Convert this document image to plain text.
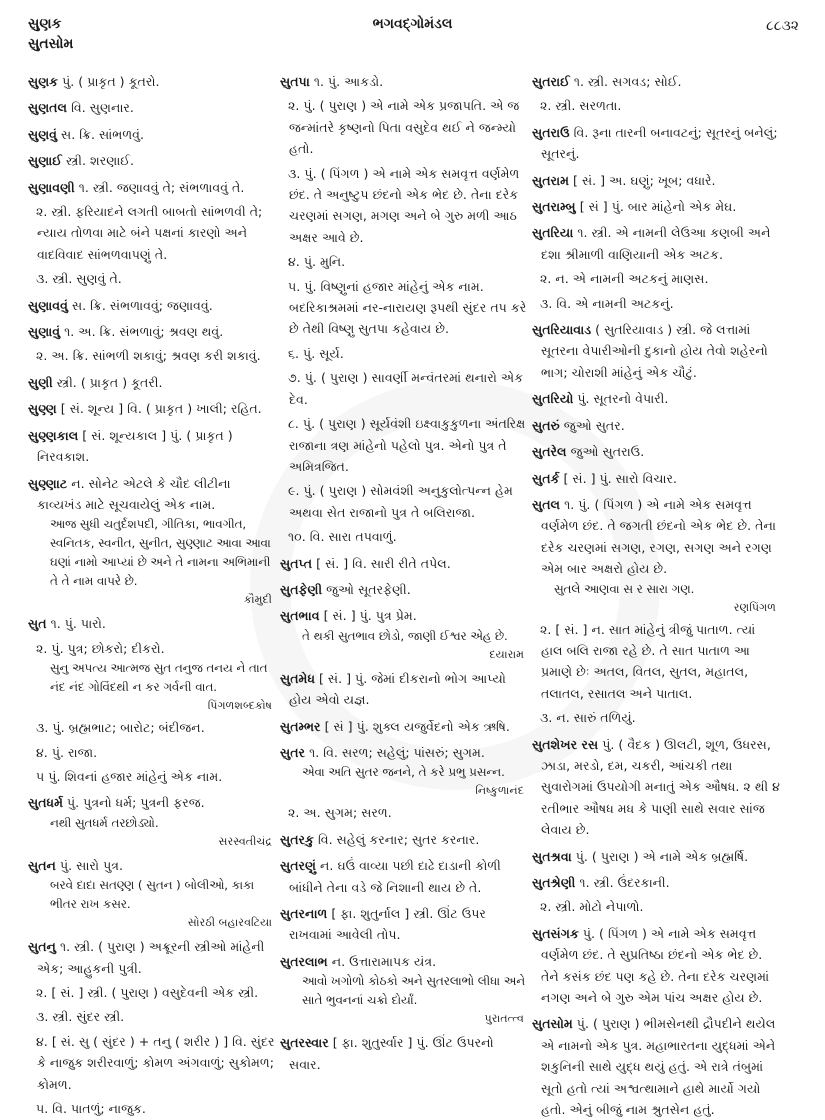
સુણક
સુતસોમ
ભગવદ્ગોમંડલ	૮૮૩૨

સુણક પું. ( પ્રાકૃત ) કૂતરો.

સુણતલ વિ. સુણનાર.

સુણવું સ. ક્રિ. સાંભળવું.

સુણાઈ સ્ત્રી. શરણાઈ.

સુણાવણી ૧. સ્ત્રી. જણાવવું તે; સંભળાવવું તે.

૨. સ્ત્રી. ફરિયાદને લગતી બાબતો સાંભળવી તે; ન્યાય તોળવા માટે બંને પક્ષનાં કારણો અને વાદવિવાદ સાંભળવાપણું તે.

૩. સ્ત્રી. સુણવું તે.

સુણાવવું સ. ક્રિ. સંભળાવવું; જણાવવું.

સુણાવું ૧. અ. ક્રિ. સંભળાવું; શ્રવણ થવું.

૨. અ. ક્રિ. સાંભળી શકાવું; શ્રવણ કરી શકાવું.

સુણી સ્ત્રી. ( પ્રાકૃત ) કૂતરી.

સુણ્ણ [ સં. શૂન્ય ] વિ. ( પ્રાકૃત ) ખાલી; રહિત.

સુણ્ણકાલ [ સં. શૂન્યકાલ ] પું. ( પ્રાકૃત ) નિરવકાશ.

સુણ્ણાટ ન. સોનેટ એટલે કે ચૌદ લીટીના કાવ્યખંડ માટે સૂચવાયેલું એક નામ.

આજ સુધી ચતુર્દશપદી, ગીતિકા, ભાવગીત, સ્વનિતક, સ્વનીત, સુનીત, સુણ્ણાટ આવા આવા ઘણાં નામો આપ્યાં છે અને તે નામના અભિમાની તે તે નામ વાપરે છે.

કૌમુદી

સુત ૧. પું. પારો.

૨. પું. પુત્ર; છોકરો; દીકરો.

સુનુ અપત્ય આત્મજ સુત તનુજ તનય ને તાત નંદ નંદ ગોવિંદથી ન કર ગર્વની વાત.

પિંગળશબ્દકોષ

૩. પું. બ્રહ્મભાટ; બારોટ; બંદીજન.

૪. પું. રાજા.

૫ પું. શિવનાં હજાર માંહેનું એક નામ.

સુતધર્મ પું. પુત્રનો ધર્મ; પુત્રની ફરજ.

નથી સુતધર્મ તરછોડ્યો.

સરસ્વતીચંદ્ર

સુતન પું. સારો પુત્ર.

બરવે દાદા સતણ્ણ ( સુતન ) બોલીઓ, કાકા ભીતર રાખ કસર.

સોરઠી બહારવટિયા

સુતનુ ૧. સ્ત્રી. ( પુરાણ ) અક્રૂરની સ્ત્રીઓ માંહેની એક; આહુકની પુત્રી.

૨. [ સં. ] સ્ત્રી. ( પુરાણ ) વસુદેવની એક સ્ત્રી.

૩. સ્ત્રી. સુંદર સ્ત્રી.

૪. [ સં. સુ ( સુંદર ) + તનુ ( શરીર ) ] વિ. સુંદર કે નાજુક શરીરવાળું; કોમળ અંગવાળું; સુકોમળ; કોમળ.

૫. વિ. પાતળું; નાજુક.

સુતપા ૧. પું. આકડો.

૨. પું. ( પુરાણ ) એ નામે એક પ્રજાપતિ. એ જ જન્માંતરે કૃષ્ણનો પિતા વસુદેવ થઈ ને જન્મ્યો હતો.

૩. પું. ( પિંગળ ) એ નામે એક સમવૃત્ત વર્ણમેળ છંદ. તે અનુષ્ટુપ છંદનો એક ભેદ છે. તેના દરેક ચરણમાં સગણ, મગણ અને બે ગુરુ મળી આઠ અક્ષર આવે છે.

૪. પું. મુનિ.

૫. પું. વિષ્ણુનાં હજાર માંહેનું એક નામ. બદરિકાશ્રમમાં નર-નારાયણ રૂપથી સુંદર તપ કરે છે તેથી વિષ્ણુ સુતપા કહેવાય છે.

૬. પું. સૂર્ય.

૭. પું. ( પુરાણ ) સાવર્ણી મન્વંતરમાં થનારો એક દેવ.

૮. પું. ( પુરાણ ) સૂર્યવંશી ઇક્ષ્વાકુકુળના અંતરિક્ષ રાજાના ત્રણ માંહેનો પહેલો પુત્ર. એનો પુત્ર તે અમિત્રજિત.

૯. પું. ( પુરાણ ) સોમવંશી અનુકુલોત્પન્ન હેમ અથવા સેત રાજાનો પુત્ર તે બલિરાજા.

૧૦. વિ. સારા તપવાળું.

સુતપ્ત [ સં. ] વિ. સારી રીતે તપેલ.

સુતફેણી જુઓ સૂતરફેણી.

સુતભાવ [ સં. ] પું. પુત્ર પ્રેમ.

તે થકી સુતભાવ છોડો, જાણી ઈશ્વર એહ છે.

દયારામ

સુતમેધ [ સં. ] પું. જેમાં દીકરાનો ભોગ આપ્યો હોય એવો યજ્ઞ.

સુતમ્ભર [ સં ] પું. શુક્લ યજુર્વેદનો એક ઋષિ.

સુતર ૧. વિ. સરળ; સહેલું; પાંસરું; સુગમ.

એવા અતિ સુતર જનને, તે કરે પ્રભુ પ્રસન્ન.

નિષ્કુળાનંદ

૨. અ. સુગમ; સરળ.

સુતરકુ વિ. સહેલું કરનાર; સુતર કરનાર.

સુતરણું ન. ઘઉં વાવ્યા પછી દાઢે દાડાની કોળી બાંધીને તેના વડે જે નિશાની થાય છે તે.

સુતરનાળ [ ફા. શુતુર્નાલ ] સ્ત્રી. ઊંટ ઉપર રાખવામાં આવેલી તોપ.

સુતરલાભ ન. ઉત્તારામાપક યંત્ર.

આવો ખગોળો કોઠકો અને સુતરલાભો લીધા અને સાતે ભુવનનાં ચક્રો દોર્યાં.

પુરાતત્ત્વ

સુતરસ્વાર [ ફા. શુતુર્સ્વાર ] પું. ઊંટ ઉપરનો સવાર.

સુતરાઈ ૧. સ્ત્રી. સગવડ; સોઈ.

૨. સ્ત્રી. સરળતા.

સુતરાઉ વિ. રૂના તારની બનાવટનું; સૂતરનું બનેલું; સૂતરનું.

સુતરામ [ સં. ] અ. ઘણું; ખૂબ; વધારે.

સુતરામ્બુ [ સં ] પું. બાર માંહેનો એક મેઘ.

સુતરિયા ૧. સ્ત્રી. એ નામની લેઉઆ કણબી અને દશા શ્રીમાળી વાણિયાની એક અટક.

૨. ન. એ નામની અટકનું માણસ.

૩. વિ. એ નામની અટકનું.

સુતરિયાવાડ ( સુતરિયાવાડ ) સ્ત્રી. જે લત્તામાં સૂતરના વેપારીઓની દુકાનો હોય તેવો શહેરનો ભાગ; ચોરાશી માંહેનું એક ચૌટું.

સુતરિયો પું. સૂતરનો વેપારી.

સુતરું જુઓ સુતર.

સુતરેલ જુઓ સુતરાઉ.

સુતર્ક [ સં. ] પું. સારો વિચાર.

સુતલ ૧. પું. ( પિંગળ ) એ નામે એક સમવૃત્ત વર્ણમેળ છંદ. તે જગતી છંદનો એક ભેદ છે. તેના દરેક ચરણમાં સગણ, રગણ, સગણ અને રગણ એમ બાર અક્ષરો હોય છે.

સુતલે આણવા સ ર સારા ગણ.

રણપિંગળ

૨. [ સં. ] ન. સાત માંહેનું ત્રીજું પાતાળ. ત્યાં હાલ બલિ રાજા રહે છે. તે સાત પાતાળ આ પ્રમાણે છેઃ અતલ, વિતલ, સુતલ, મહાતલ, તલાતલ, રસાતલ અને પાતાલ.

૩. ન. સારું તળિયું.

સુતશેખર રસ પું. ( વૈદક ) ઊલટી, શૂળ, ઉધરસ, ઝાડા, મરડો, દમ, ચકરી, આંચકી તથા સુવારોગમાં ઉપયોગી મનાતું એક ઔષધ. ૨ થી ૪ રતીભાર ઔષધ મધ કે પાણી સાથે સવાર સાંજ લેવાય છે.

સુતશ્રવા પું. ( પુરાણ ) એ નામે એક બ્રહ્મર્ષિ.

સુતશ્રેણી ૧. સ્ત્રી. ઉંદરકાની.

૨. સ્ત્રી. મોટો નેપાળો.

સુતસંગક પું. ( પિંગળ ) એ નામે એક સમવૃત્ત વર્ણમેળ છંદ. તે સુપ્રતિષ્ઠા છંદનો એક ભેદ છે. તેને કસંક છંદ પણ કહે છે. તેના દરેક ચરણમાં નગણ અને બે ગુરુ એમ પાંચ અક્ષર હોય છે.

સુતસોમ પું. ( પુરાણ ) ભીમસેનથી દ્રૌપદીને થયેલ એ નામનો એક પુત્ર. મહાભારતના યુદ્ધમાં એને શકુનિની સાથે યુદ્ધ થયું હતું. એ રાત્રે તંબુમાં સૂતો હતો ત્યાં અશ્વત્થામાને હાથે માર્યો ગયો હતો. એનું બીજું નામ શ્રુતસેન હતું.
